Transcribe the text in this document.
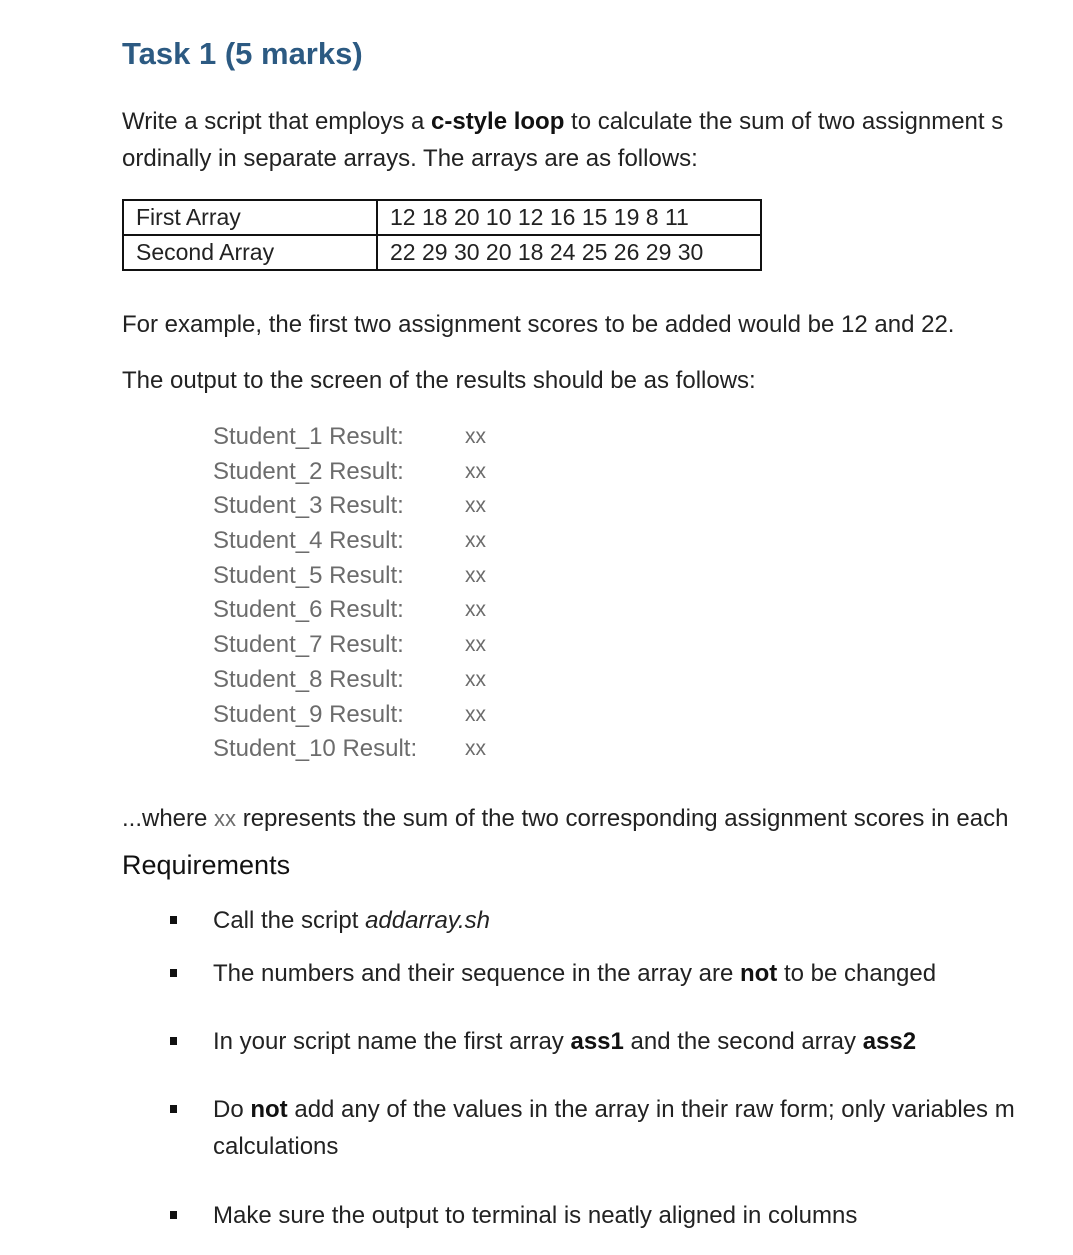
Task 1 (5 marks)
Write a script that employs a c-style loop to calculate the sum of two assignment s
ordinally in separate arrays. The arrays are as follows:
First Array	12 18 20 10 12 16 15 19 8 11
Second Array	22 29 30 20 18 24 25 26 29 30
For example, the first two assignment scores to be added would be 12 and 22.
The output to the screen of the results should be as follows:
Student_1 Result:	xx
Student_2 Result:	xx
Student_3 Result:	xx
Student_4 Result:	xx
Student_5 Result:	xx
Student_6 Result:	xx
Student_7 Result:	xx
Student_8 Result:	xx
Student_9 Result:	xx
Student_10 Result: xx
...where xx represents the sum of the two corresponding assignment scores in each
Requirements
Call the script addarray.sh
The numbers and their sequence in the array are not to be changed
In your script name the first array ass1 and the second array ass2
Do not add any of the values in the array in their raw form; only variables m
calculations
Make sure the output to terminal is neatly aligned in columns
